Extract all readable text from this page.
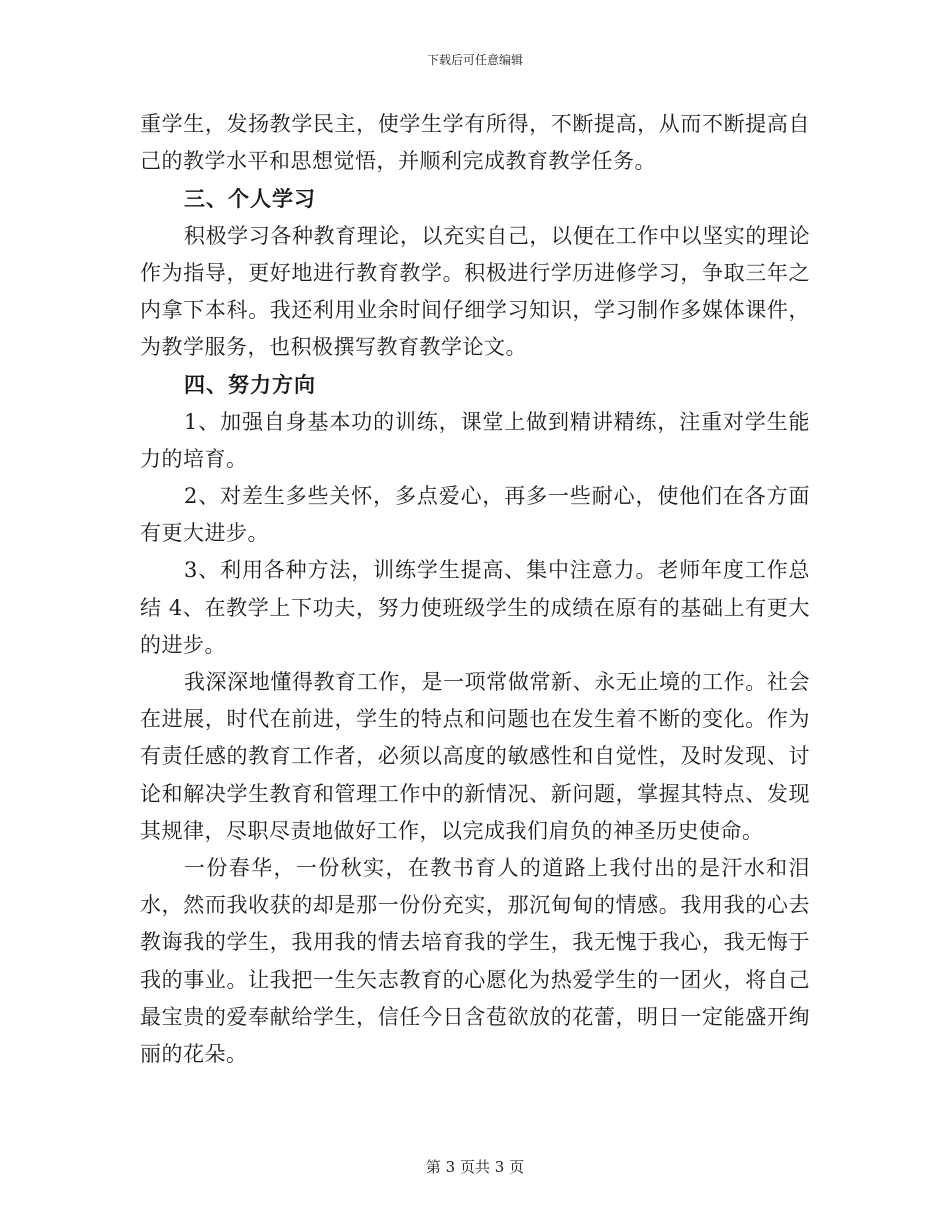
下载后可任意编辑

重学生，发扬教学民主，使学生学有所得，不断提高，从而不断提高自己的教学水平和思想觉悟，并顺利完成教育教学任务。

三、个人学习

积极学习各种教育理论，以充实自己，以便在工作中以坚实的理论作为指导，更好地进行教育教学。积极进行学历进修学习，争取三年之内拿下本科。我还利用业余时间仔细学习知识，学习制作多媒体课件，为教学服务，也积极撰写教育教学论文。

四、努力方向

1、加强自身基本功的训练，课堂上做到精讲精练，注重对学生能力的培育。

2、对差生多些关怀，多点爱心，再多一些耐心，使他们在各方面有更大进步。

3、利用各种方法，训练学生提高、集中注意力。老师年度工作总结 4、在教学上下功夫，努力使班级学生的成绩在原有的基础上有更大的进步。

我深深地懂得教育工作，是一项常做常新、永无止境的工作。社会在进展，时代在前进，学生的特点和问题也在发生着不断的变化。作为有责任感的教育工作者，必须以高度的敏感性和自觉性，及时发现、讨论和解决学生教育和管理工作中的新情况、新问题，掌握其特点、发现其规律，尽职尽责地做好工作，以完成我们肩负的神圣历史使命。

一份春华，一份秋实，在教书育人的道路上我付出的是汗水和泪水，然而我收获的却是那一份份充实，那沉甸甸的情感。我用我的心去教诲我的学生，我用我的情去培育我的学生，我无愧于我心，我无悔于我的事业。让我把一生矢志教育的心愿化为热爱学生的一团火，将自己最宝贵的爱奉献给学生，信任今日含苞欲放的花蕾，明日一定能盛开绚丽的花朵。

第 3 页共 3 页
